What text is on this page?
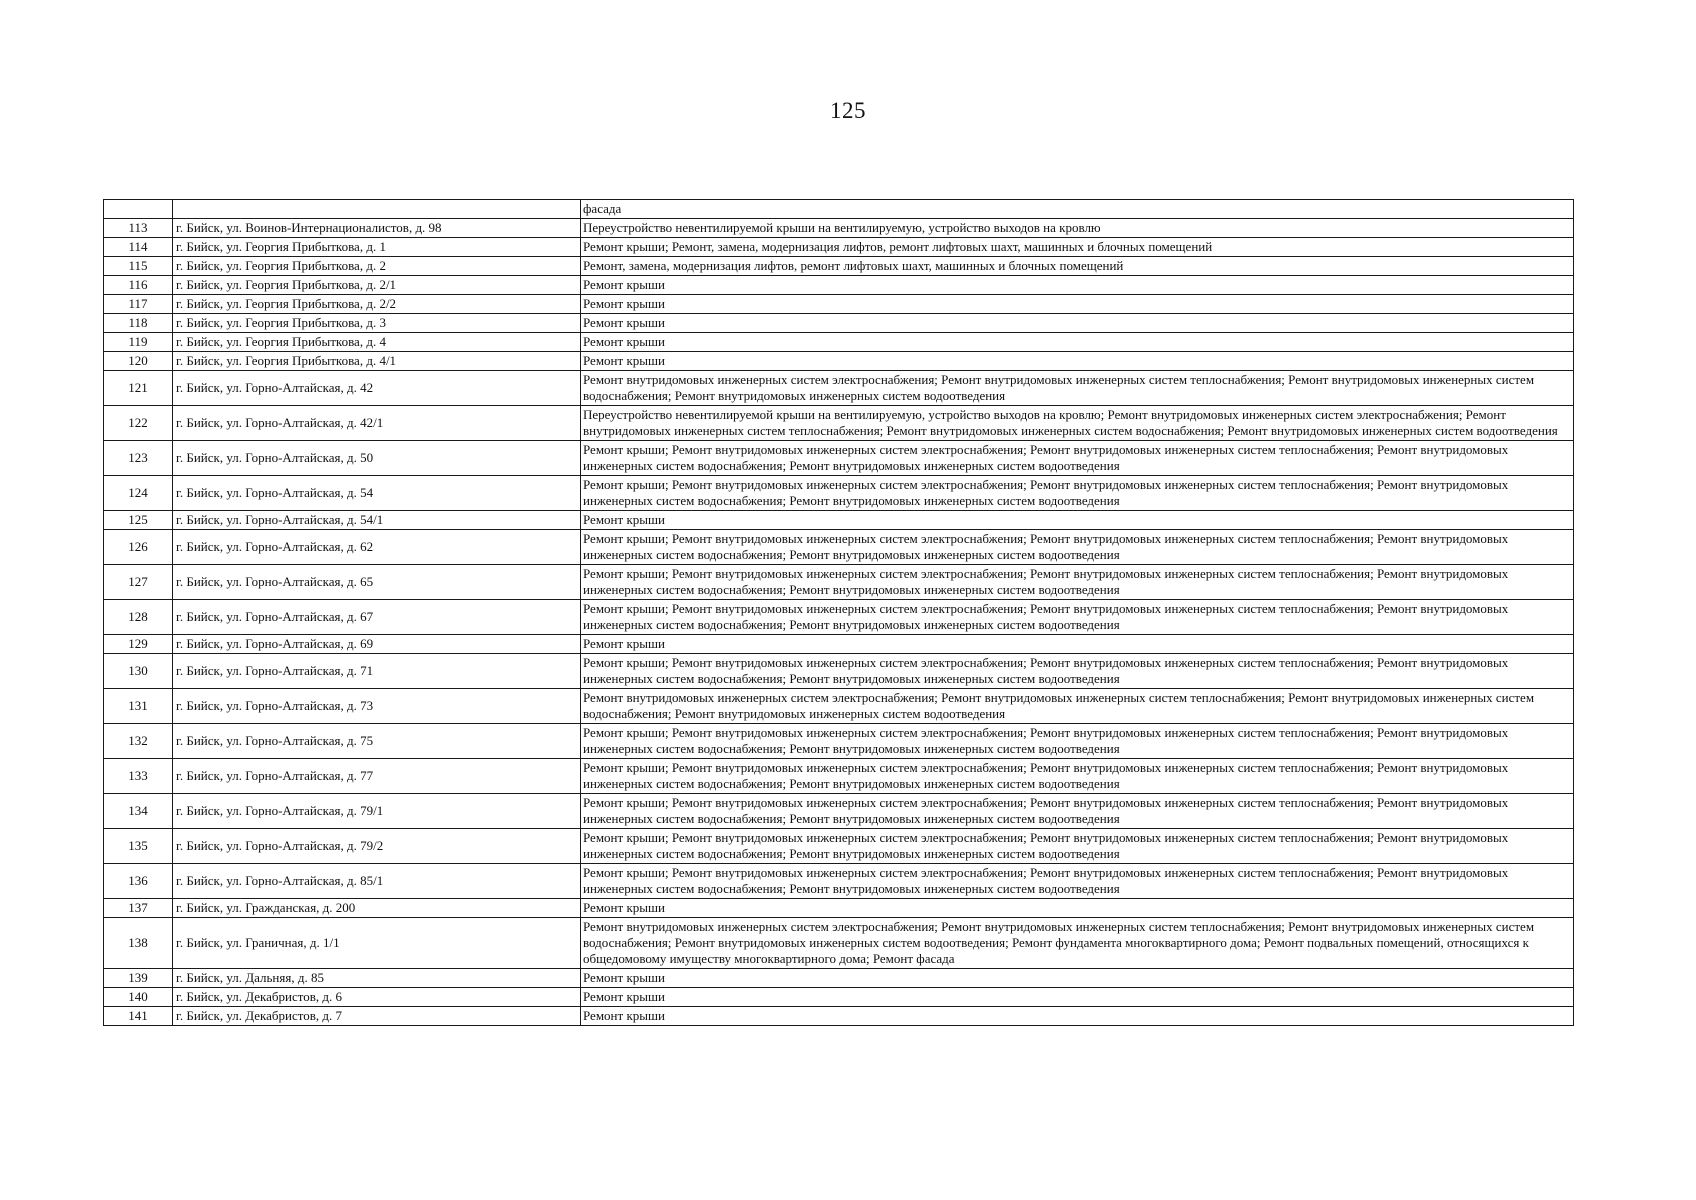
125
		фасада
113	г. Бийск, ул. Воинов-Интернационалистов, д. 98	Переустройство невентилируемой крыши на вентилируемую, устройство выходов на кровлю
114	г. Бийск, ул. Георгия Прибыткова, д. 1	Ремонт крыши; Ремонт, замена, модернизация лифтов, ремонт лифтовых шахт, машинных и блочных помещений
115	г. Бийск, ул. Георгия Прибыткова, д. 2	Ремонт, замена, модернизация лифтов, ремонт лифтовых шахт, машинных и блочных помещений
116	г. Бийск, ул. Георгия Прибыткова, д. 2/1	Ремонт крыши
117	г. Бийск, ул. Георгия Прибыткова, д. 2/2	Ремонт крыши
118	г. Бийск, ул. Георгия Прибыткова, д. 3	Ремонт крыши
119	г. Бийск, ул. Георгия Прибыткова, д. 4	Ремонт крыши
120	г. Бийск, ул. Георгия Прибыткова, д. 4/1	Ремонт крыши
121	г. Бийск, ул. Горно-Алтайская, д. 42	Ремонт внутридомовых инженерных систем электроснабжения; Ремонт внутридомовых инженерных систем теплоснабжения; Ремонт внутридомовых инженерных систем водоснабжения; Ремонт внутридомовых инженерных систем водоотведения
122	г. Бийск, ул. Горно-Алтайская, д. 42/1	Переустройство невентилируемой крыши на вентилируемую, устройство выходов на кровлю; Ремонт внутридомовых инженерных систем электроснабжения; Ремонт внутридомовых инженерных систем теплоснабжения; Ремонт внутридомовых инженерных систем водоснабжения; Ремонт внутридомовых инженерных систем водоотведения
123	г. Бийск, ул. Горно-Алтайская, д. 50	Ремонт крыши; Ремонт внутридомовых инженерных систем электроснабжения; Ремонт внутридомовых инженерных систем теплоснабжения; Ремонт внутридомовых инженерных систем водоснабжения; Ремонт внутридомовых инженерных систем водоотведения
124	г. Бийск, ул. Горно-Алтайская, д. 54	Ремонт крыши; Ремонт внутридомовых инженерных систем электроснабжения; Ремонт внутридомовых инженерных систем теплоснабжения; Ремонт внутридомовых инженерных систем водоснабжения; Ремонт внутридомовых инженерных систем водоотведения
125	г. Бийск, ул. Горно-Алтайская, д. 54/1	Ремонт крыши
126	г. Бийск, ул. Горно-Алтайская, д. 62	Ремонт крыши; Ремонт внутридомовых инженерных систем электроснабжения; Ремонт внутридомовых инженерных систем теплоснабжения; Ремонт внутридомовых инженерных систем водоснабжения; Ремонт внутридомовых инженерных систем водоотведения
127	г. Бийск, ул. Горно-Алтайская, д. 65	Ремонт крыши; Ремонт внутридомовых инженерных систем электроснабжения; Ремонт внутридомовых инженерных систем теплоснабжения; Ремонт внутридомовых инженерных систем водоснабжения; Ремонт внутридомовых инженерных систем водоотведения
128	г. Бийск, ул. Горно-Алтайская, д. 67	Ремонт крыши; Ремонт внутридомовых инженерных систем электроснабжения; Ремонт внутридомовых инженерных систем теплоснабжения; Ремонт внутридомовых инженерных систем водоснабжения; Ремонт внутридомовых инженерных систем водоотведения
129	г. Бийск, ул. Горно-Алтайская, д. 69	Ремонт крыши
130	г. Бийск, ул. Горно-Алтайская, д. 71	Ремонт крыши; Ремонт внутридомовых инженерных систем электроснабжения; Ремонт внутридомовых инженерных систем теплоснабжения; Ремонт внутридомовых инженерных систем водоснабжения; Ремонт внутридомовых инженерных систем водоотведения
131	г. Бийск, ул. Горно-Алтайская, д. 73	Ремонт внутридомовых инженерных систем электроснабжения; Ремонт внутридомовых инженерных систем теплоснабжения; Ремонт внутридомовых инженерных систем водоснабжения; Ремонт внутридомовых инженерных систем водоотведения
132	г. Бийск, ул. Горно-Алтайская, д. 75	Ремонт крыши; Ремонт внутридомовых инженерных систем электроснабжения; Ремонт внутридомовых инженерных систем теплоснабжения; Ремонт внутридомовых инженерных систем водоснабжения; Ремонт внутридомовых инженерных систем водоотведения
133	г. Бийск, ул. Горно-Алтайская, д. 77	Ремонт крыши; Ремонт внутридомовых инженерных систем электроснабжения; Ремонт внутридомовых инженерных систем теплоснабжения; Ремонт внутридомовых инженерных систем водоснабжения; Ремонт внутридомовых инженерных систем водоотведения
134	г. Бийск, ул. Горно-Алтайская, д. 79/1	Ремонт крыши; Ремонт внутридомовых инженерных систем электроснабжения; Ремонт внутридомовых инженерных систем теплоснабжения; Ремонт внутридомовых инженерных систем водоснабжения; Ремонт внутридомовых инженерных систем водоотведения
135	г. Бийск, ул. Горно-Алтайская, д. 79/2	Ремонт крыши; Ремонт внутридомовых инженерных систем электроснабжения; Ремонт внутридомовых инженерных систем теплоснабжения; Ремонт внутридомовых инженерных систем водоснабжения; Ремонт внутридомовых инженерных систем водоотведения
136	г. Бийск, ул. Горно-Алтайская, д. 85/1	Ремонт крыши; Ремонт внутридомовых инженерных систем электроснабжения; Ремонт внутридомовых инженерных систем теплоснабжения; Ремонт внутридомовых инженерных систем водоснабжения; Ремонт внутридомовых инженерных систем водоотведения
137	г. Бийск, ул. Гражданская, д. 200	Ремонт крыши
138	г. Бийск, ул. Граничная, д. 1/1	Ремонт внутридомовых инженерных систем электроснабжения; Ремонт внутридомовых инженерных систем теплоснабжения; Ремонт внутридомовых инженерных систем водоснабжения; Ремонт внутридомовых инженерных систем водоотведения; Ремонт фундамента многоквартирного дома; Ремонт подвальных помещений, относящихся к общедомовому имуществу многоквартирного дома; Ремонт фасада
139	г. Бийск, ул. Дальняя, д. 85	Ремонт крыши
140	г. Бийск, ул. Декабристов, д. 6	Ремонт крыши
141	г. Бийск, ул. Декабристов, д. 7	Ремонт крыши
